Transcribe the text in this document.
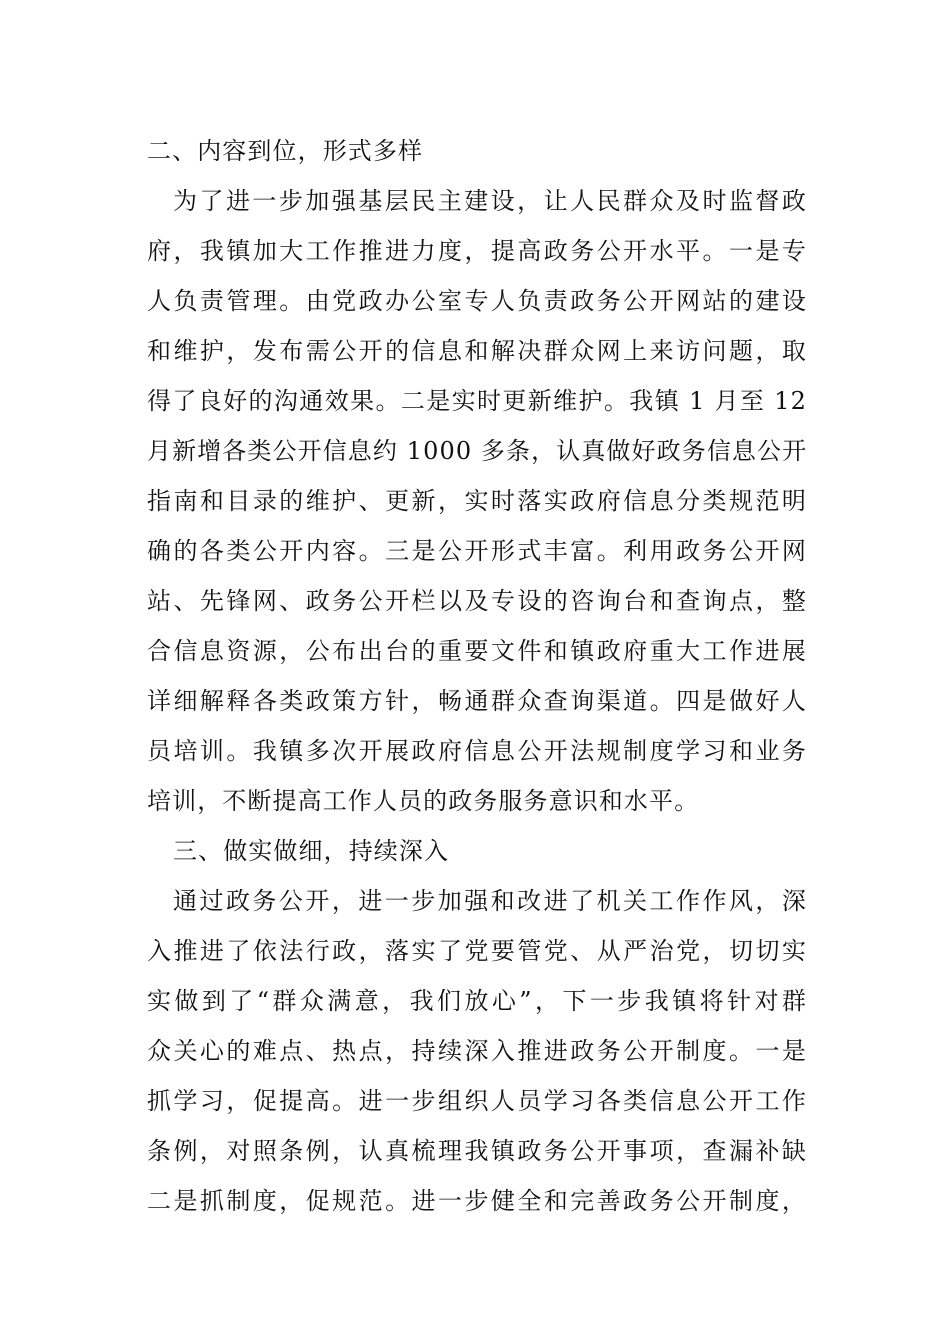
二、内容到位，形式多样
为了进一步加强基层民主建设，让人民群众及时监督政
府，我镇加大工作推进力度，提高政务公开水平。一是专
人负责管理。由党政办公室专人负责政务公开网站的建设
和维护，发布需公开的信息和解决群众网上来访问题，取
得了良好的沟通效果。二是实时更新维护。我镇 1 月至 12
月新增各类公开信息约 1000 多条，认真做好政务信息公开
指南和目录的维护、更新，实时落实政府信息分类规范明
确的各类公开内容。三是公开形式丰富。利用政务公开网
站、先锋网、政务公开栏以及专设的咨询台和查询点，整
合信息资源，公布出台的重要文件和镇政府重大工作进展
详细解释各类政策方针，畅通群众查询渠道。四是做好人
员培训。我镇多次开展政府信息公开法规制度学习和业务
培训，不断提高工作人员的政务服务意识和水平。
三、做实做细，持续深入
通过政务公开，进一步加强和改进了机关工作作风，深
入推进了依法行政，落实了党要管党、从严治党，切切实
实做到了“群众满意，我们放心”，下一步我镇将针对群
众关心的难点、热点，持续深入推进政务公开制度。一是
抓学习，促提高。进一步组织人员学习各类信息公开工作
条例，对照条例，认真梳理我镇政务公开事项，查漏补缺
二是抓制度，促规范。进一步健全和完善政务公开制度，
